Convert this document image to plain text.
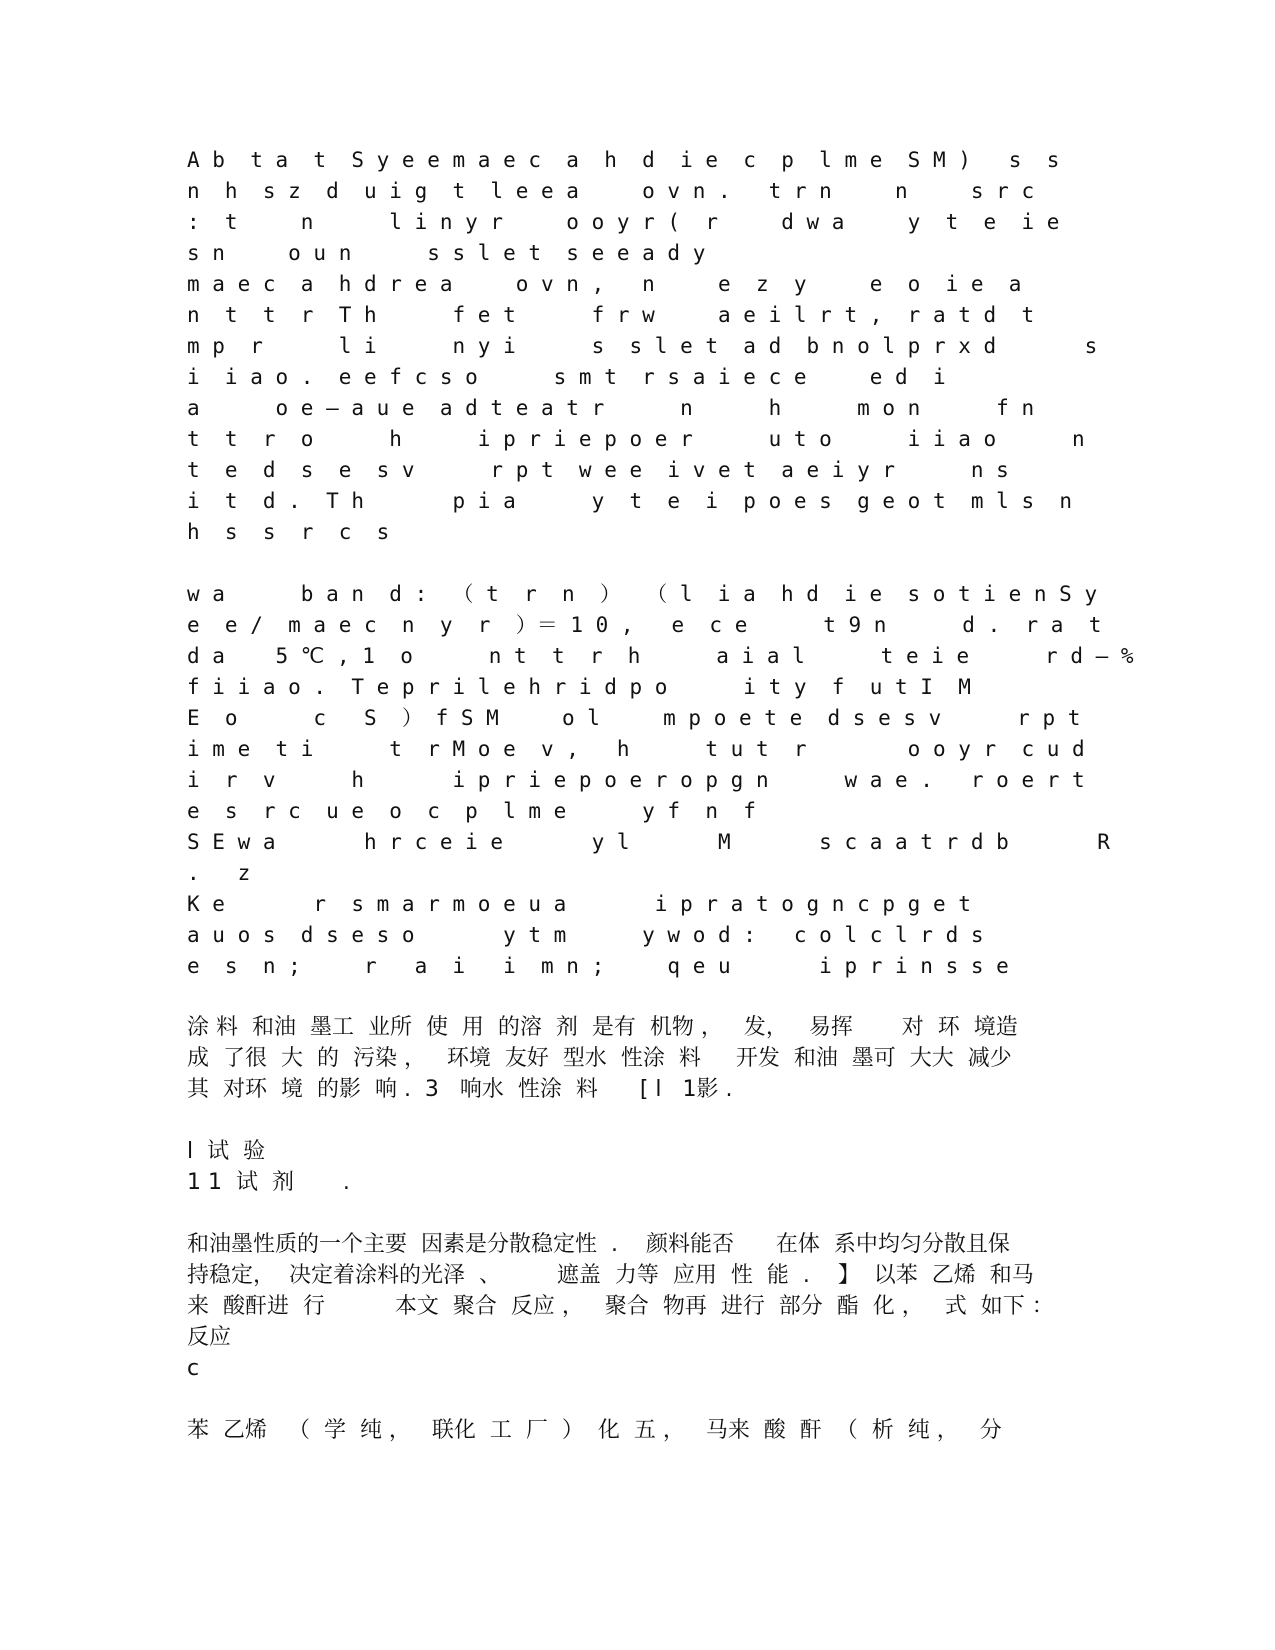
A b  t a  t  S y e e m a e c  a  h  d  i e  c  p  l m e  S M )   s  s

n  h  s z  d  u i g  t  l e e a     o v n .   t r n     n     s r c

:  t     n      l i n y r     o o y r (  r     d w a     y  t  e  i e

s n     o u n      s s l e t  s e e a d y

m a e c  a  h d r e a     o v n ,   n     e  z  y     e  o  i e  a

n  t  t  r  T h      f e t      f r w     a e i l r t ,  r a t d  t

m p  r      l i      n y i      s  s l e t  a d  b n o l p r x d       s

i  i a o .  e e f c s o      s m t  r s a i e c e     e d  i

a      o e — a u e  a d t e a t r      n      h      m o n      f n

t  t  r  o      h      i p r i e p o e r      u t o      i i a o      n

t  e  d  s  e  s v      r p t  w e e  i v e t  a e i y r      n s

i  t  d .  T h       p i a      y  t  e  i  p o e s  g e o t  m l s  n

h  s  s  r  c  s

w a      b a n  d :  （ t  r  n  ）  （ l  i a  h d  i e  s o t i e n S y

e  e /  m a e c  n  y  r  ）＝ 1 0 ,   e  c e      t 9 n      d .  r a  t

d a    5 ℃ , 1  o      n t  t  r  h      a i a l      t e i e      r d — %

f i i a o .  T e p r i l e h r i d p o      i t y  f  u t I  M

E  o      c   S  ） f S M     o l     m p o e t e  d s e s v      r p t

i m e  t i      t  r M o e  v ,   h      t u t  r        o o y r  c u d

i  r  v      h       i p r i e p o e r o p g n      w a e .   r o e r t

e  s  r c  u e  o  c  p  l m e      y f  n  f

S E w a       h r c e i e       y l       M       s c a a t r d b       R

.   z

K e       r  s m a r m o e u a       i p r a t o g n c p g e t

a u o s  d s e s o       y t m      y w o d :   c o l c l r d s

e  s  n ;     r   a  i   i  m n ;     q e u       i p r i n s s e

涂 料  和油  墨工  业所  使  用  的溶  剂  是有  机物 ，   发，   易挥       对  环  境造

成  了很  大  的  污染 ，   环境  友好  型水  性涂  料     开发  和油  墨可  大大  减少

其  对环  境  的影  响 .  3   响水  性涂  料      [ l   1影 .

l  试  验

1 1  试  剂       .

和油墨性质的一个主要  因素是分散稳定性  .    颜料能否      在体  系中均匀分散且保

持稳定，  决定着涂料的光泽  、        遮盖  力等  应用  性  能  .    】  以苯  乙烯  和马

来  酸酐进  行          本文  聚合  反应 ，   聚合  物再  进行  部分  酯  化 ，   式  如下 ：

反应

c

苯  乙烯   （  学  纯 ，   联化  工  厂  ）  化  五 ，   马来  酸  酐  （  析  纯 ，   分
